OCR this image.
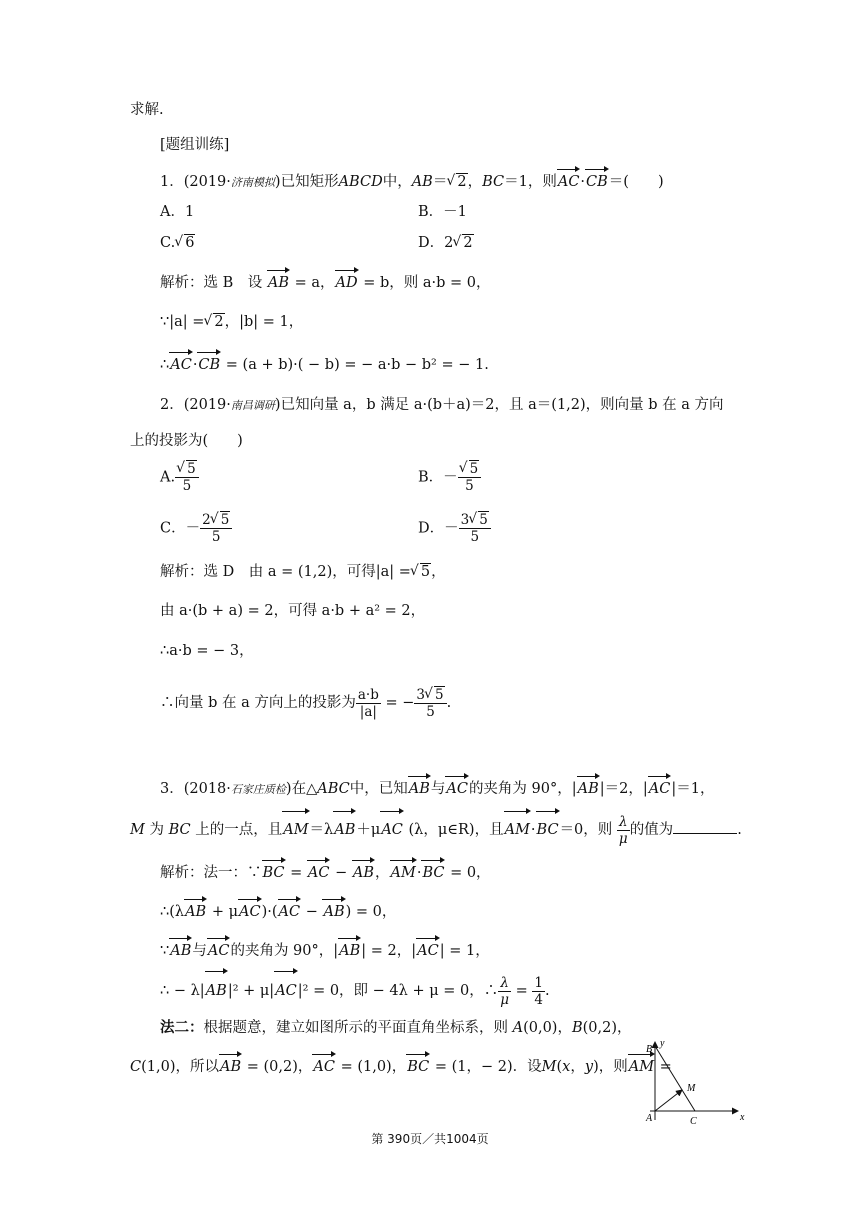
求解.
[题组训练]
1．(2019·济南模拟)已知矩形ABCD中，AB＝ √ 2，BC＝1，则AC·CB＝(　　)
A．1	B．－1
C. √ 6	D．2 √ 2
解析：选 B　设 AB = a，AD = b，则 a·b = 0，
∵|a| = √ 2，|b| = 1，
∴AC·CB = (a + b)·( − b) = − a·b − b² = − 1.
2．(2019·南昌调研)已知向量 a，b 满足 a·(b＋a)＝2，且 a＝(1,2)，则向量 b 在 a 方向
上的投影为(　　)
A. √ $\frac{5}{5}$	B．－ √ $\frac{5}{5}$
C．－ $\frac{2 √ 5}{5}$	D．－ $\frac{3 √ 5}{5}$
解析：选 D　由 a = (1,2)，可得|a| = √ 5，
由 a·(b + a) = 2，可得 a·b + a² = 2，
∴a·b = − 3，
∴向量 b 在 a 方向上的投影为 $\frac{a\cdot b}{|a|}$ = − $\frac{3 √ 5}{5}$ .
3．(2018·石家庄质检)在△ABC中，已知AB与AC的夹角为 90°，|AB|＝2，|AC|＝1，
M 为 BC 上的一点，且AM＝λAB＋μAC (λ，μ∈R)，且AM·BC＝0，则 $\frac{\lambda}{\mu}$ 的值为	.
解析：法一：∵BC = AC − AB，AM·BC = 0，
∴(λAB + μAC)·(AC − AB) = 0，
∵AB与AC的夹角为 90°，|AB| = 2，|AC| = 1，
∴ − λ|AB|² + μ|AC|² = 0，即 − 4λ + μ = 0，∴ $\frac{\lambda}{\mu} = \frac{1}{4}$ .
法二：根据题意，建立如图所示的平面直角坐标系，则 A(0,0)，B(0,2)，
C(1,0)，所以AB = (0,2)，AC = (1,0)，BC = (1，− 2)．设M(x，y)，则AM =
y
B
M
A	C	x
第 390页／共1004页
